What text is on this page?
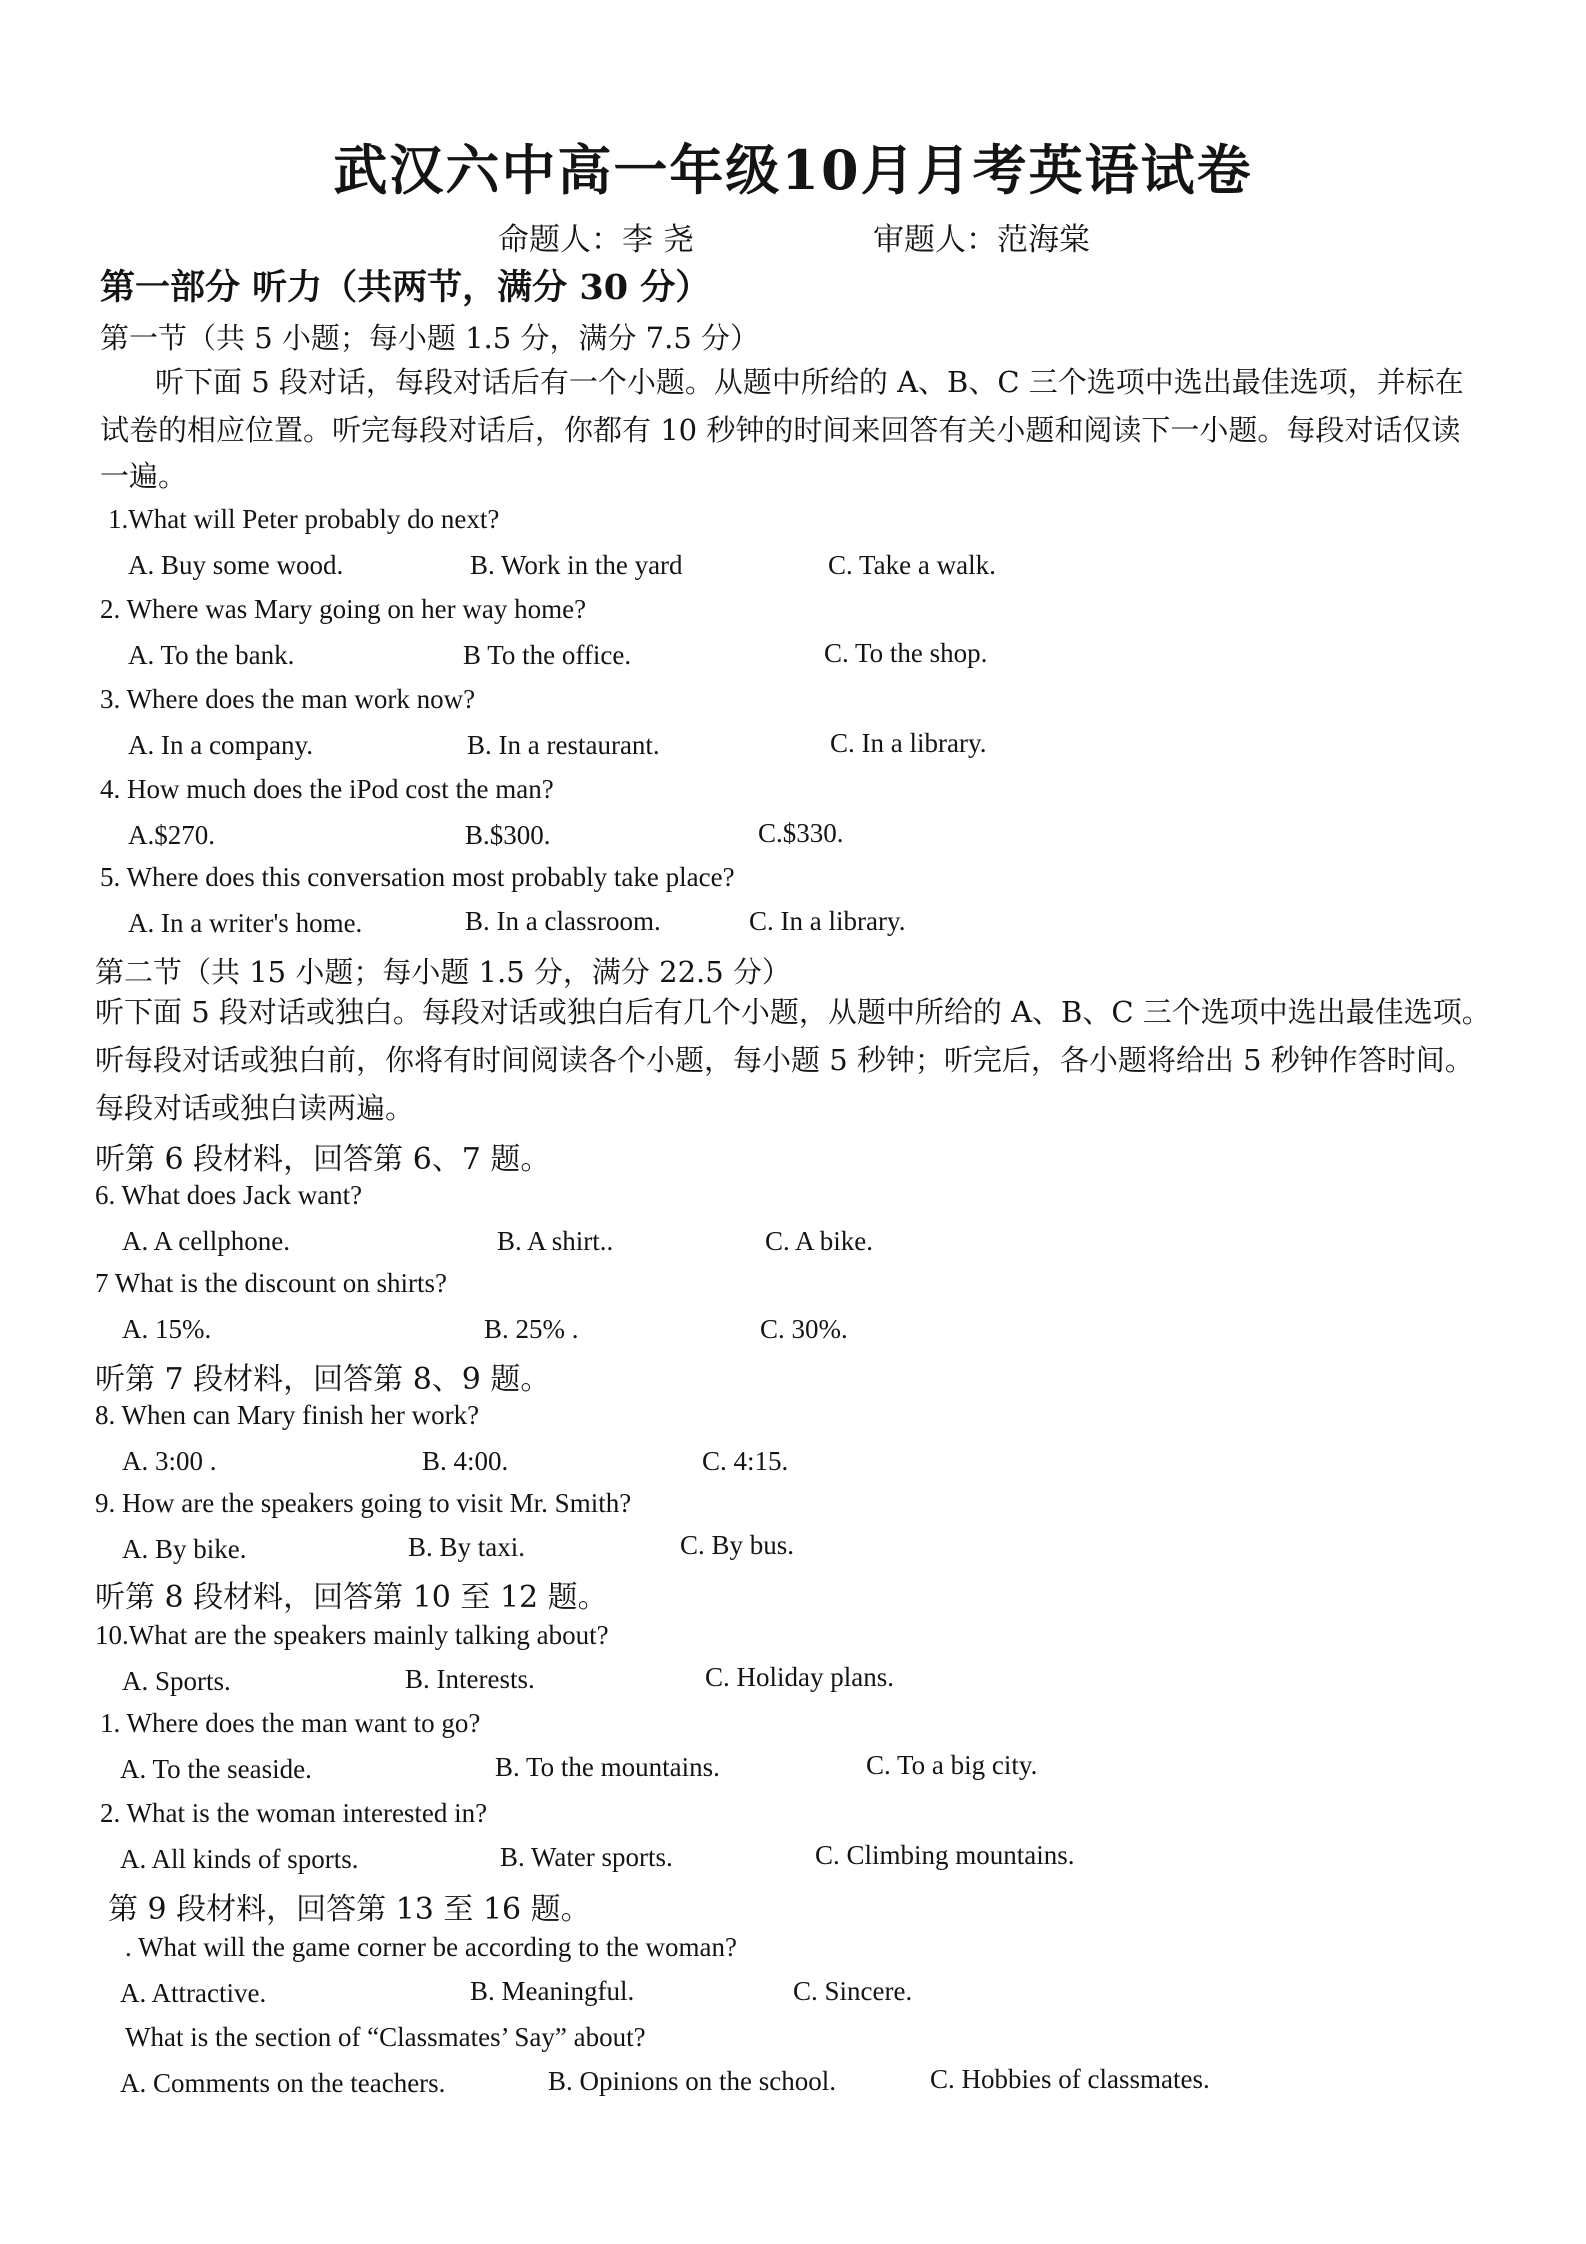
武汉六中高一年级10月月考英语试卷
命题人：李 尧	审题人：范海棠
第一部分 听力（共两节，满分 30 分）
第一节（共 5 小题；每小题 1.5 分，满分 7.5 分）
听下面 5 段对话，每段对话后有一个小题。从题中所给的 A、B、C 三个选项中选出最佳选项，并标在
试卷的相应位置。听完每段对话后，你都有 10 秒钟的时间来回答有关小题和阅读下一小题。每段对话仅读
一遍。
1.What will Peter probably do next?
A. Buy some wood.	B. Work in the yard	C. Take a walk.
2. Where was Mary going on her way home?
A. To the bank.	B To the office.	C. To the shop.
3. Where does the man work now?
A. In a company.	B. In a restaurant.	C. In a library.
4. How much does the iPod cost the man?
A.$270.	B.$300.	C.$330.
5. Where does this conversation most probably take place?
A. In a writer's home.	B. In a classroom.	C. In a library.
第二节（共 15 小题；每小题 1.5 分，满分 22.5 分）
听下面 5 段对话或独白。每段对话或独白后有几个小题，从题中所给的 A、B、C 三个选项中选出最佳选项。
听每段对话或独白前，你将有时间阅读各个小题，每小题 5 秒钟；听完后，各小题将给出 5 秒钟作答时间。
每段对话或独白读两遍。
听第 6 段材料，回答第 6、7 题。
6. What does Jack want?
A. A cellphone.	B. A shirt..	C. A bike.
7 What is the discount on shirts?
A. 15%.	B. 25% .	C. 30%.
听第 7 段材料，回答第 8、9 题。
8. When can Mary finish her work?
A. 3:00 .	B. 4:00.	C. 4:15.
9. How are the speakers going to visit Mr. Smith?
A. By bike.	B. By taxi.	C. By bus.
听第 8 段材料，回答第 10 至 12 题。
10.What are the speakers mainly talking about?
A. Sports.	B. Interests.	C. Holiday plans.
1. Where does the man want to go?
A. To the seaside.	B. To the mountains.	C. To a big city.
2. What is the woman interested in?
A. All kinds of sports.	B. Water sports.	C. Climbing mountains.
第 9 段材料，回答第 13 至 16 题。
. What will the game corner be according to the woman?
A. Attractive.	B. Meaningful.	C. Sincere.
What is the section of “Classmates’ Say” about?
A. Comments on the teachers.	B. Opinions on the school.	C. Hobbies of classmates.
